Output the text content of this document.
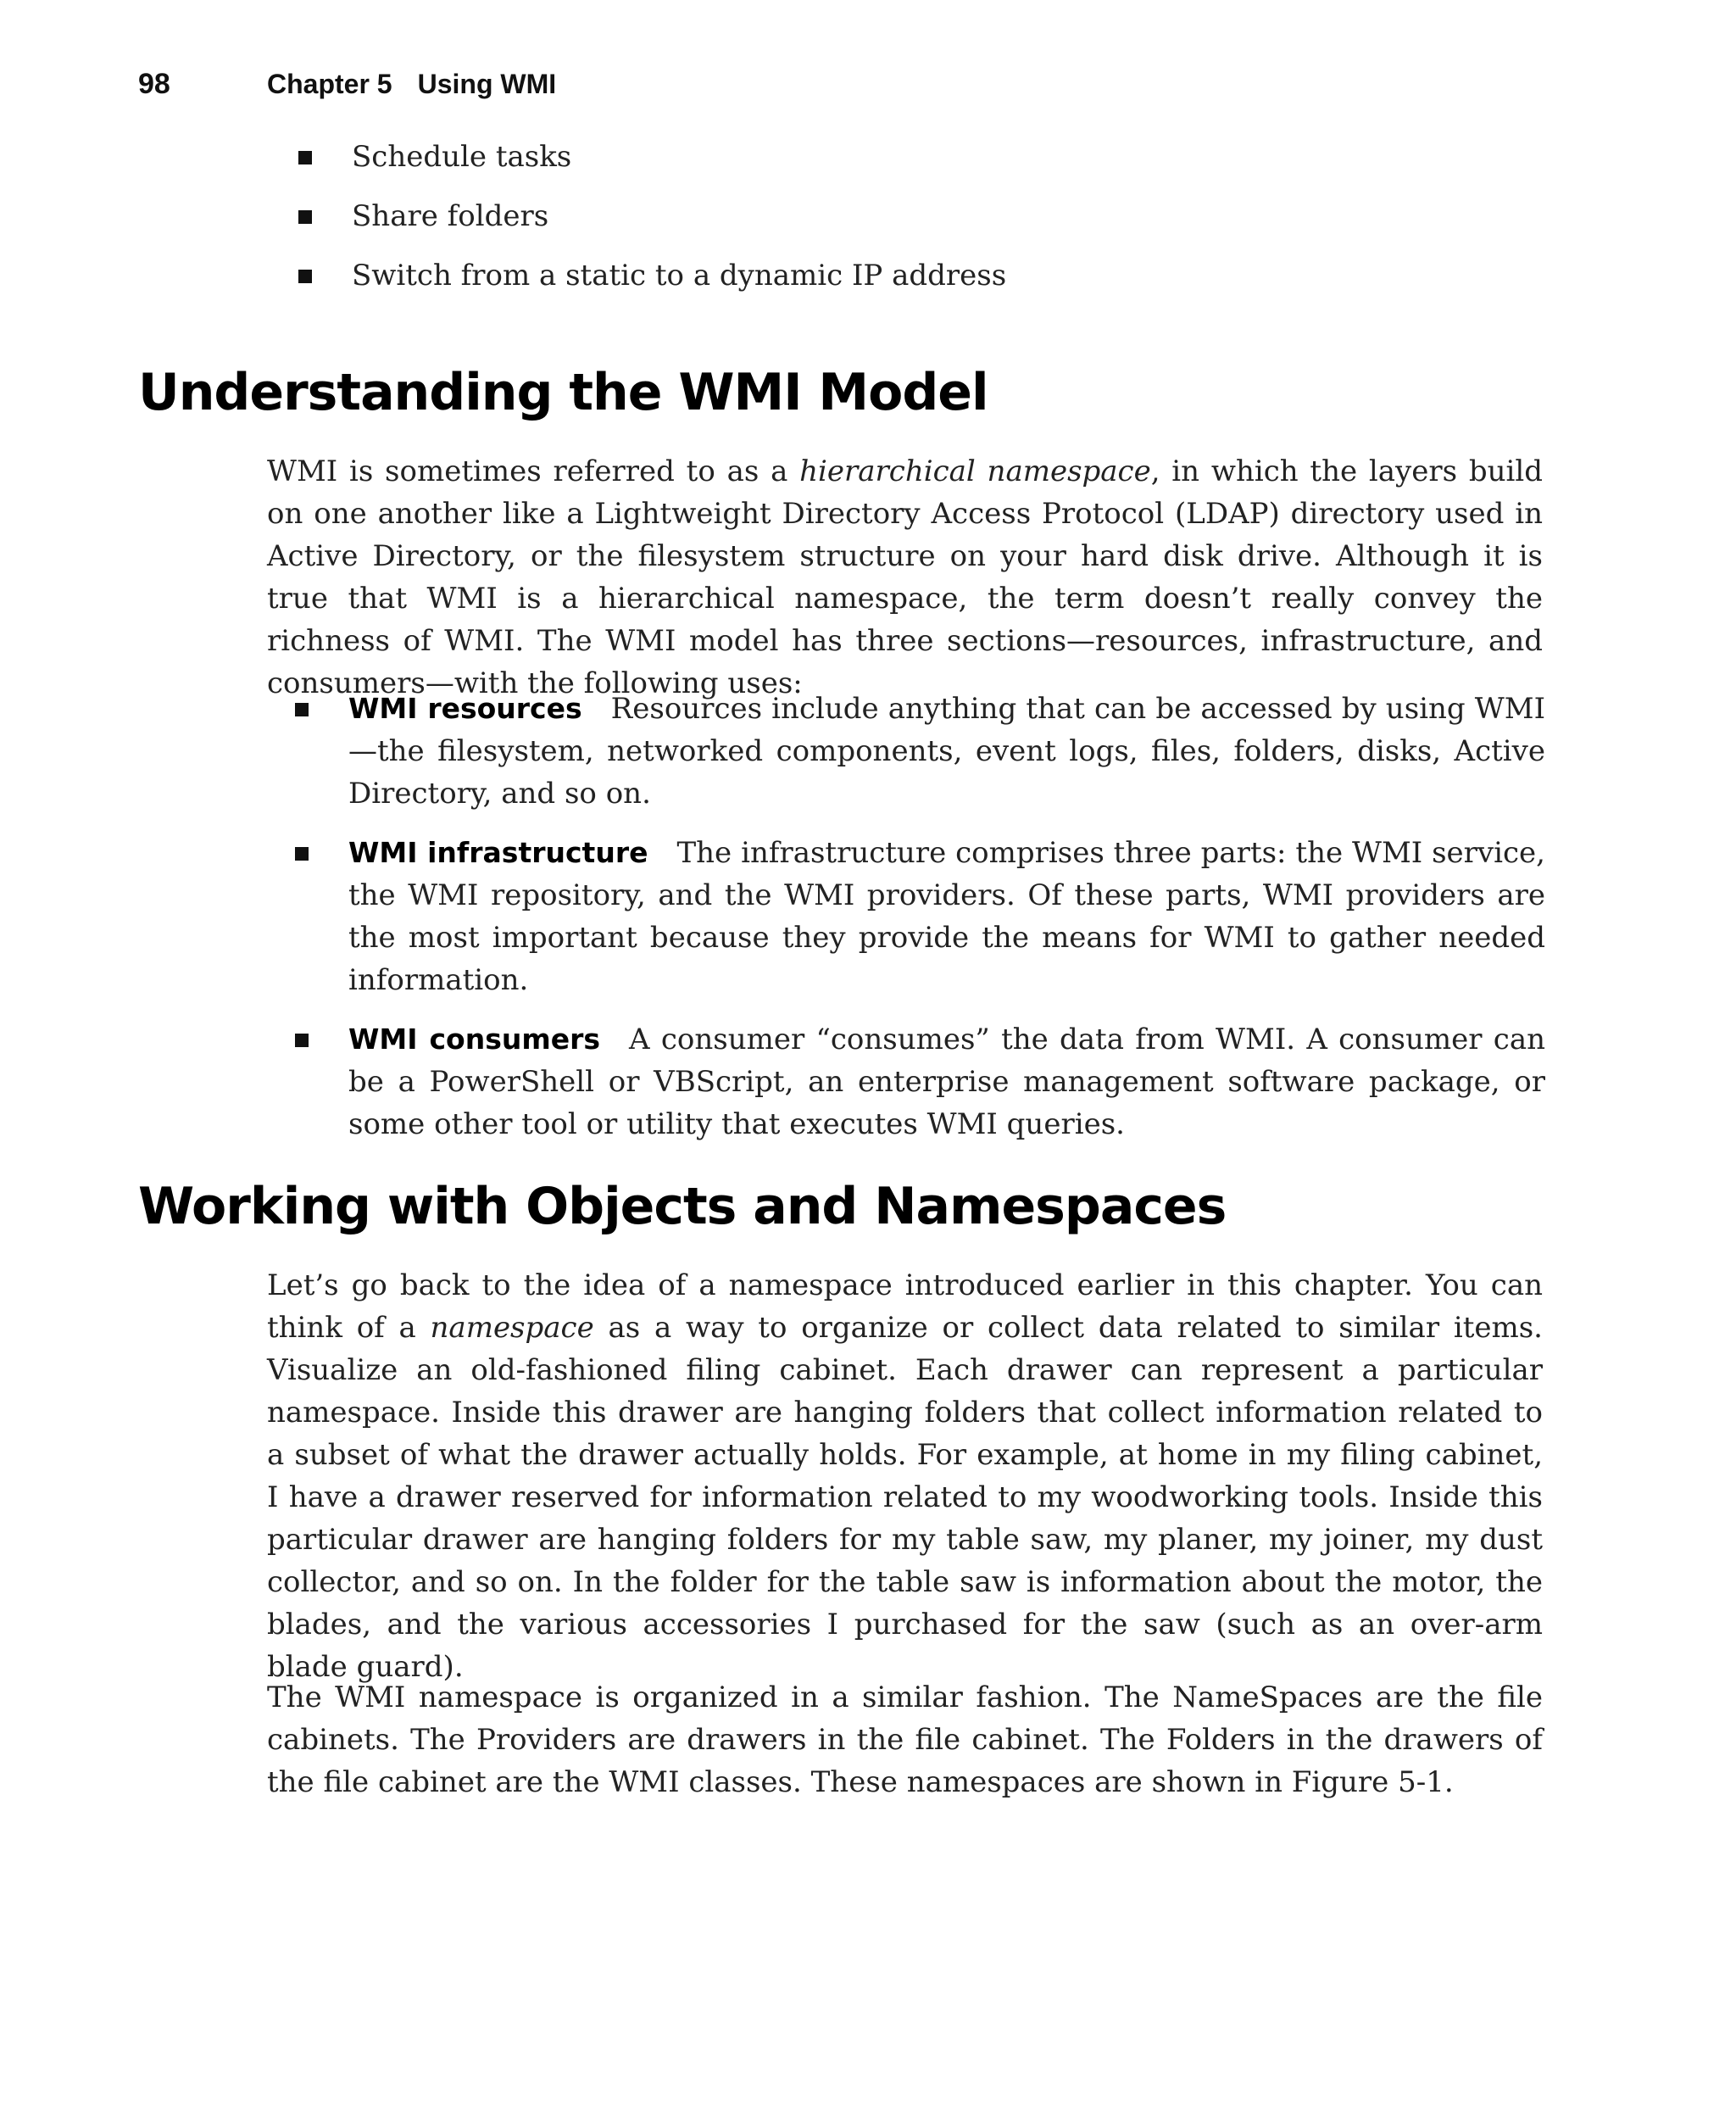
98	Chapter 5 Using WMI
Schedule tasks
Share folders
Switch from a static to a dynamic IP address
Understanding the WMI Model

WMI is sometimes referred to as a hierarchical namespace, in which the layers build on one another like a Lightweight Directory Access Protocol (LDAP) directory used in Active Directory, or the filesystem structure on your hard disk drive. Although it is true that WMI is a hierarchical namespace, the term doesn’t really convey the richness of WMI. The WMI model has three sections—resources, infrastructure, and consumers—with the following uses:

WMI resources Resources include anything that can be accessed by using WMI—the filesystem, networked components, event logs, files, folders, disks, Active Directory, and so on.
WMI infrastructure The infrastructure comprises three parts: the WMI service, the WMI repository, and the WMI providers. Of these parts, WMI providers are the most important because they provide the means for WMI to gather needed information.
WMI consumers A consumer “consumes” the data from WMI. A consumer can be a PowerShell or VBScript, an enterprise management software package, or some other tool or utility that executes WMI queries.
Working with Objects and Namespaces

Let’s go back to the idea of a namespace introduced earlier in this chapter. You can think of a namespace as a way to organize or collect data related to similar items. Visualize an old-fashioned filing cabinet. Each drawer can represent a particular namespace. Inside this drawer are hanging folders that collect information related to a subset of what the drawer actually holds. For example, at home in my filing cabinet, I have a drawer reserved for information related to my woodworking tools. Inside this particular drawer are hanging folders for my table saw, my planer, my joiner, my dust collector, and so on. In the folder for the table saw is information about the motor, the blades, and the various accessories I purchased for the saw (such as an over-arm blade guard).

The WMI namespace is organized in a similar fashion. The NameSpaces are the file cabinets. The Providers are drawers in the file cabinet. The Folders in the drawers of the file cabinet are the WMI classes. These namespaces are shown in Figure 5-1.
